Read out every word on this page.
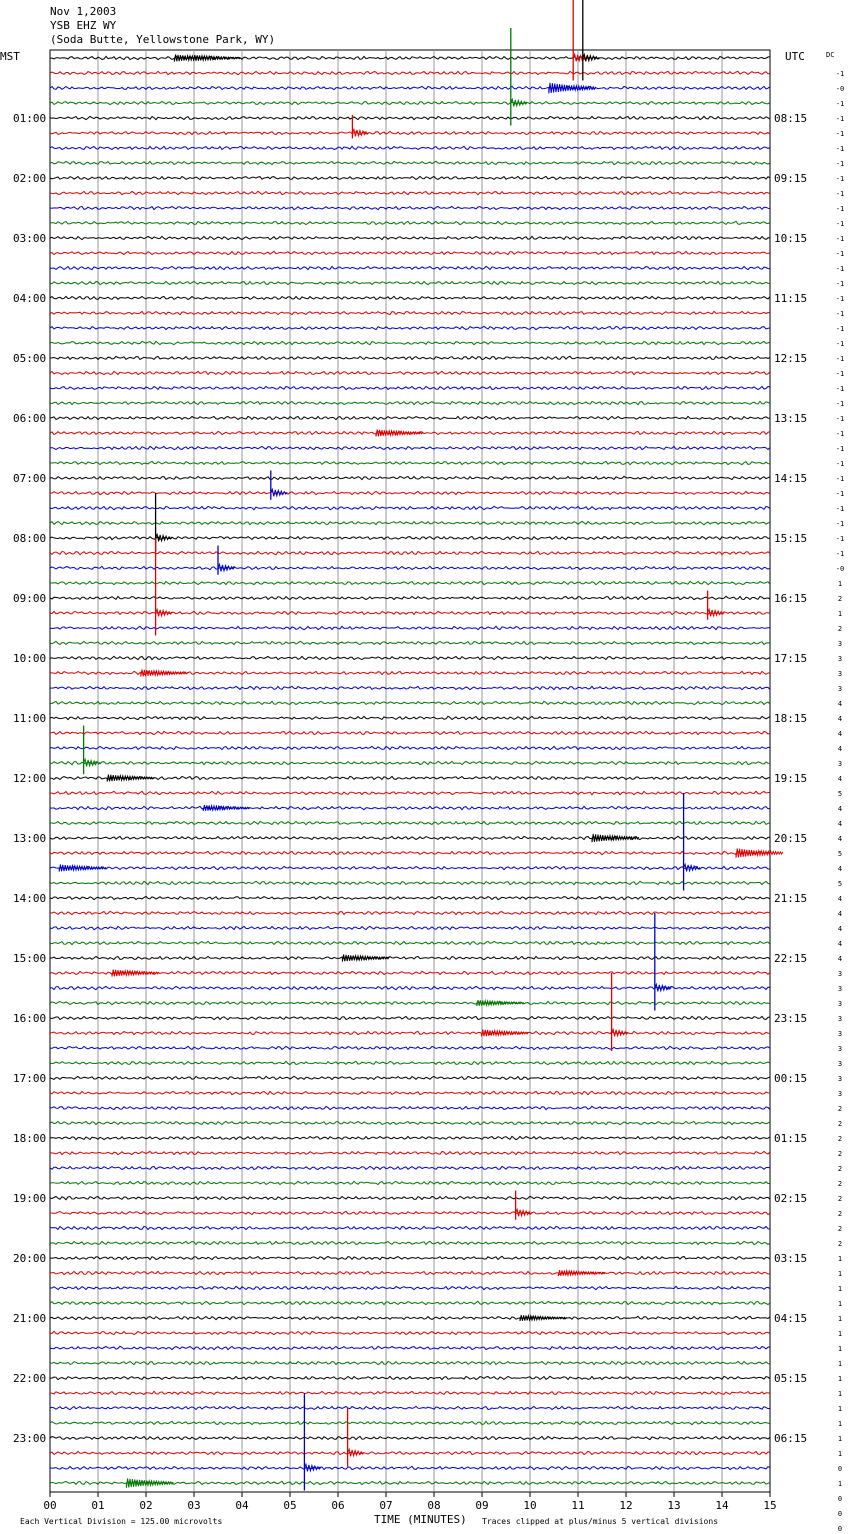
Nov 1,2003
YSB EHZ WY
(Soda Butte, Yellowstone Park, WY)
MST	UTC	DC
01:00
02:00
03:00
04:00
05:00
06:00
07:00
08:00
09:00
10:00
11:00
12:00
13:00
14:00
15:00
16:00
17:00
18:00
19:00
20:00
21:00
22:00
23:00
08:15
09:15
10:15
11:15
12:15
13:15
14:15
15:15
16:15
17:15
18:15
19:15
20:15
21:15
22:15
23:15
00:15
01:15
02:15
03:15
04:15
05:15
06:15
-1
-0
-1
-1
-1
-1
-1
-1
-1
-1
-1
-1
-1
-1
-1
-1
-1
-1
-1
-1
-1
-1
-1
-1
-1
-1
-1
-1
-1
-1
-1
-1
-1
-0
1
2
1
2
3
3
3
3
4
4
4
4
3
4
5
4
4
4
5
4
5
4
4
4
4
4
3
3
3
3
3
3
3
3
3
2
2
2
2
2
2
2
2
2
2
1
1
1
1
1
1
1
1
1
1
1
1
1
1
0
1
0
0
0
00	01	02	03	04	05	06	07	08	09	10	11	12	13	14	15
Each Vertical Division = 125.00 microvolts	TIME (MINUTES) Traces clipped at plus/minus 5 vertical divisions
